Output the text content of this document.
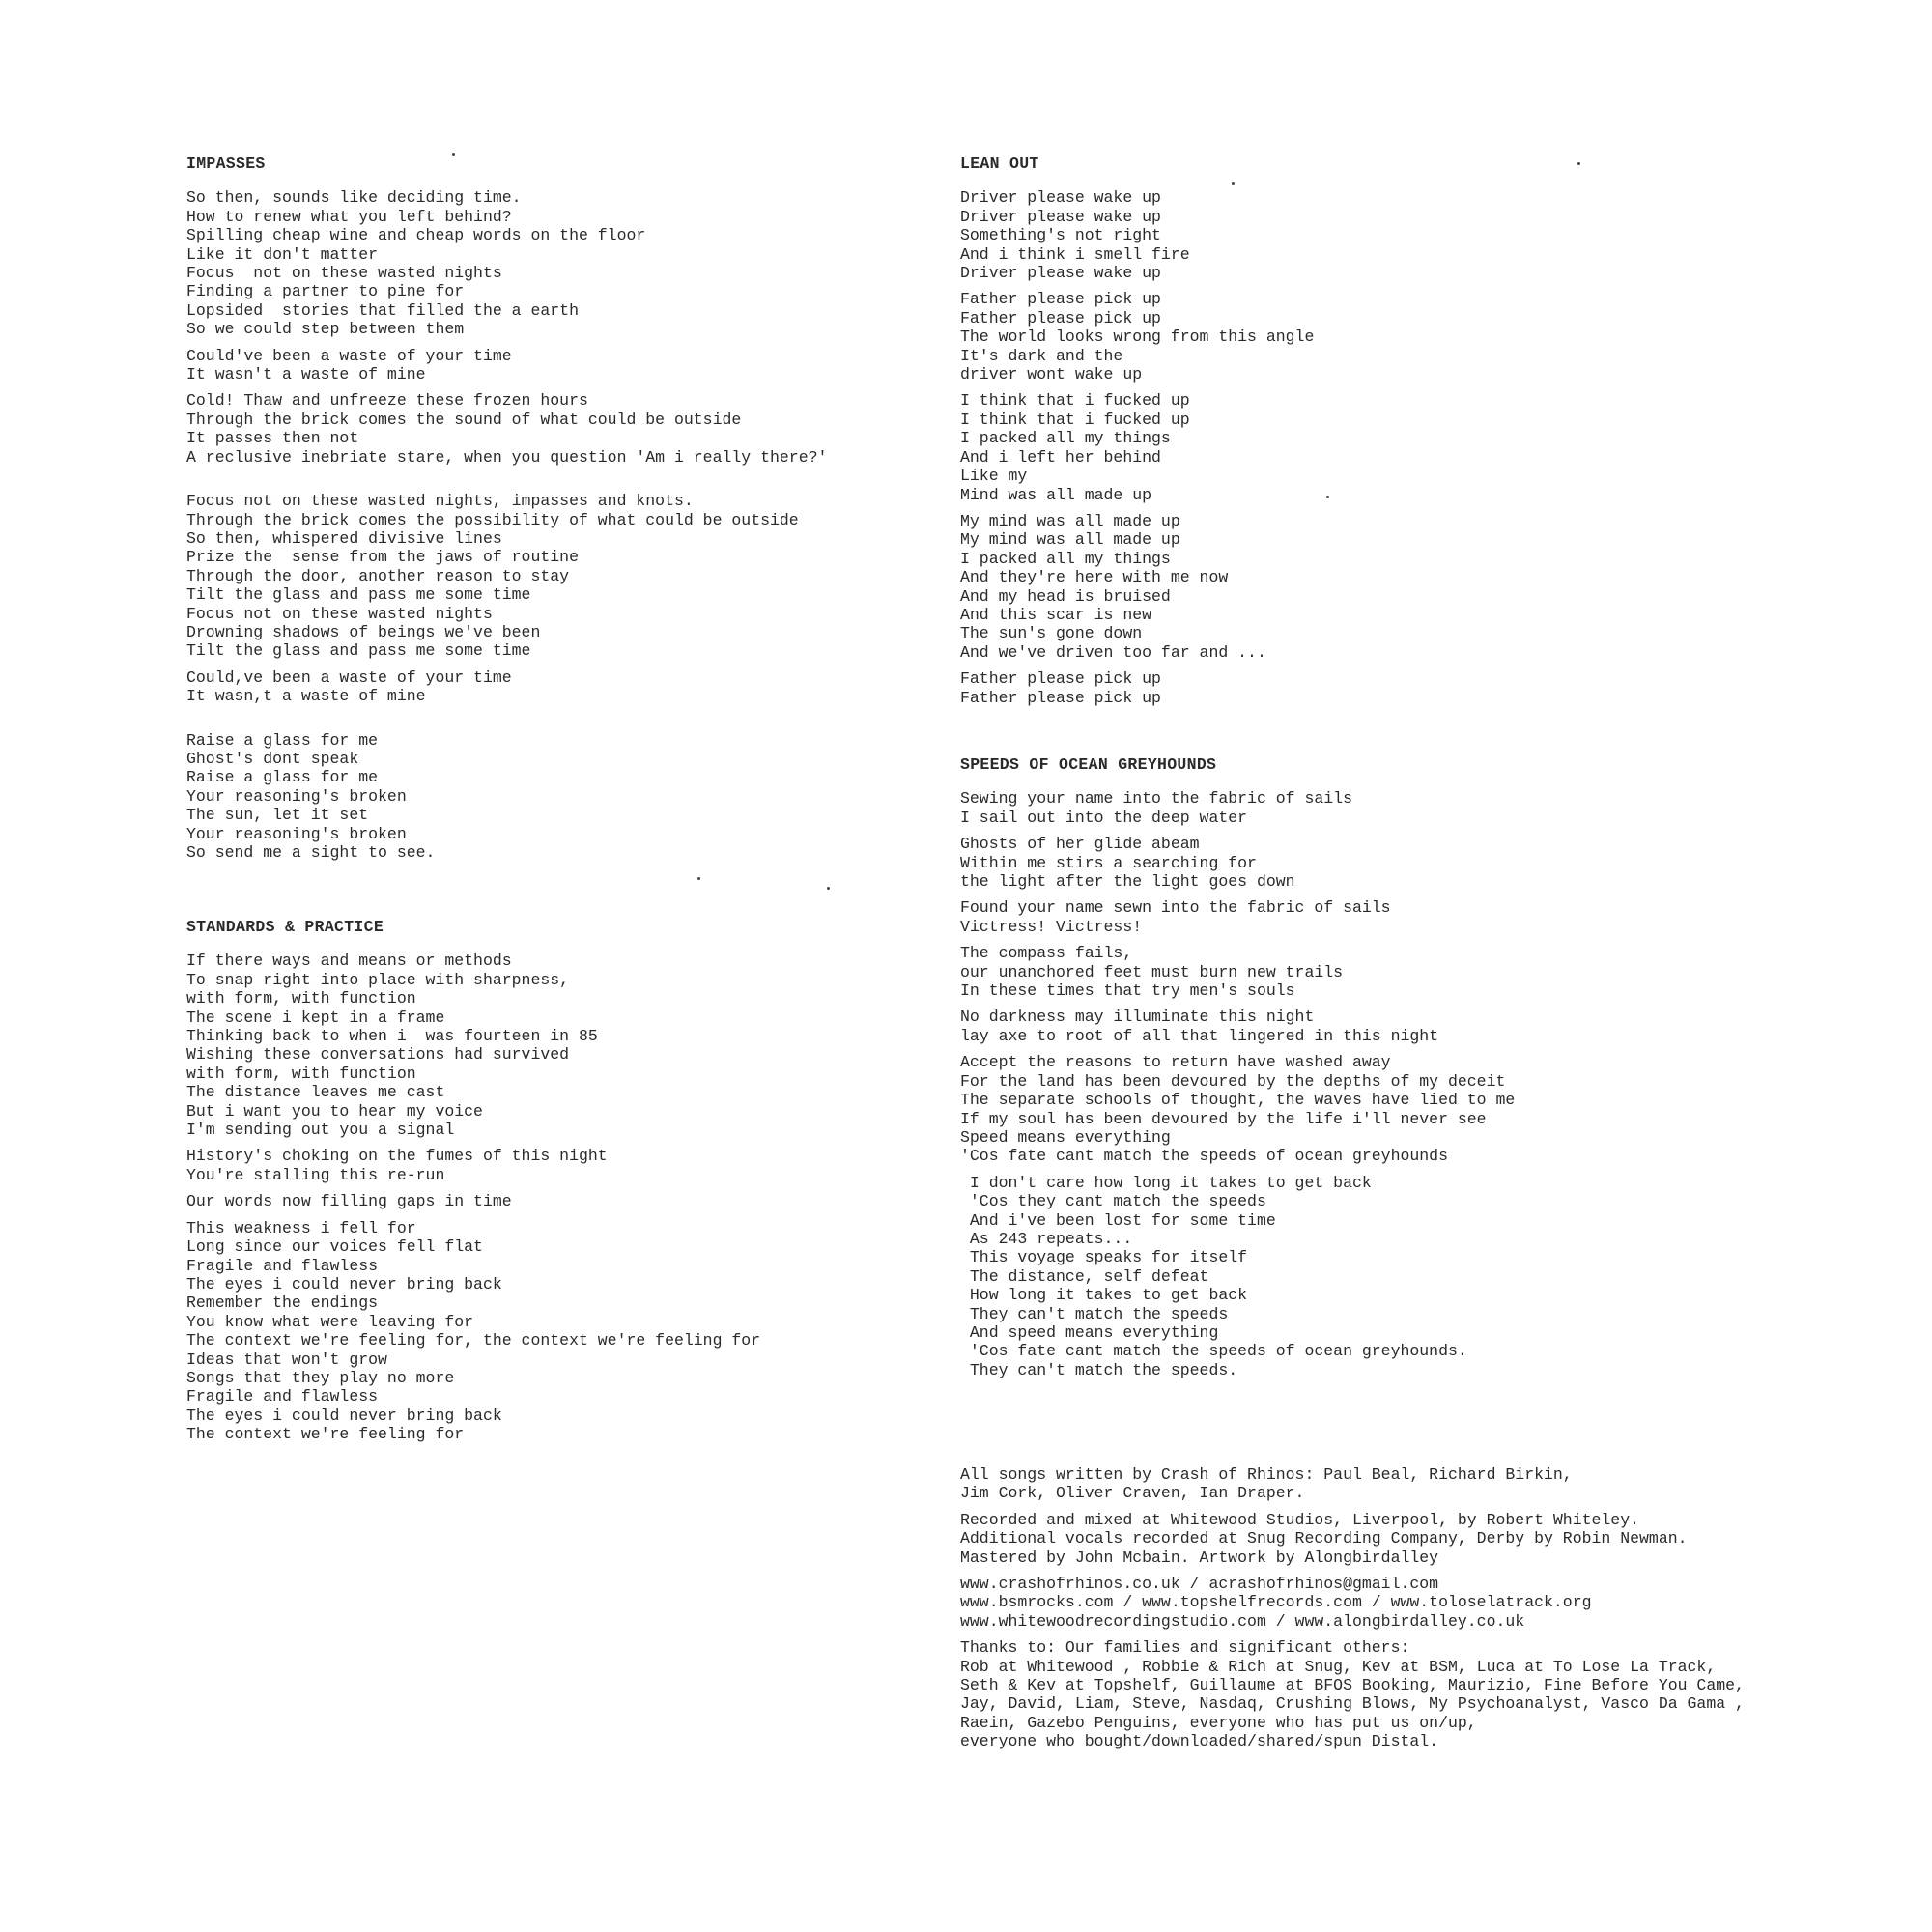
IMPASSES
So then, sounds like deciding time.
How to renew what you left behind?
Spilling cheap wine and cheap words on the floor
Like it don't matter
Focus  not on these wasted nights
Finding a partner to pine for
Lopsided  stories that filled the a earth
So we could step between them
Could've been a waste of your time
It wasn't a waste of mine
Cold! Thaw and unfreeze these frozen hours
Through the brick comes the sound of what could be outside
It passes then not
A reclusive inebriate stare, when you question 'Am i really there?'
Focus not on these wasted nights, impasses and knots.
Through the brick comes the possibility of what could be outside
So then, whispered divisive lines
Prize the  sense from the jaws of routine
Through the door, another reason to stay
Tilt the glass and pass me some time
Focus not on these wasted nights
Drowning shadows of beings we've been
Tilt the glass and pass me some time
Could,ve been a waste of your time
It wasn,t a waste of mine
Raise a glass for me
Ghost's dont speak
Raise a glass for me
Your reasoning's broken
The sun, let it set
Your reasoning's broken
So send me a sight to see.
STANDARDS & PRACTICE
If there ways and means or methods
To snap right into place with sharpness,
with form, with function
The scene i kept in a frame
Thinking back to when i  was fourteen in 85
Wishing these conversations had survived
with form, with function
The distance leaves me cast
But i want you to hear my voice
I'm sending out you a signal
History's choking on the fumes of this night
You're stalling this re-run
Our words now filling gaps in time
This weakness i fell for
Long since our voices fell flat
Fragile and flawless
The eyes i could never bring back
Remember the endings
You know what were leaving for
The context we're feeling for, the context we're feeling for
Ideas that won't grow
Songs that they play no more
Fragile and flawless
The eyes i could never bring back
The context we're feeling for
LEAN OUT
Driver please wake up
Driver please wake up
Something's not right
And i think i smell fire
Driver please wake up
Father please pick up
Father please pick up
The world looks wrong from this angle
It's dark and the
driver wont wake up
I think that i fucked up
I think that i fucked up
I packed all my things
And i left her behind
Like my
Mind was all made up
My mind was all made up
My mind was all made up
I packed all my things
And they're here with me now
And my head is bruised
And this scar is new
The sun's gone down
And we've driven too far and ...
Father please pick up
Father please pick up
SPEEDS OF OCEAN GREYHOUNDS
Sewing your name into the fabric of sails
I sail out into the deep water
Ghosts of her glide abeam
Within me stirs a searching for
the light after the light goes down
Found your name sewn into the fabric of sails
Victress! Victress!
The compass fails,
our unanchored feet must burn new trails
In these times that try men's souls
No darkness may illuminate this night
lay axe to root of all that lingered in this night
Accept the reasons to return have washed away
For the land has been devoured by the depths of my deceit
The separate schools of thought, the waves have lied to me
If my soul has been devoured by the life i'll never see
Speed means everything
'Cos fate cant match the speeds of ocean greyhounds
I don't care how long it takes to get back
'Cos they cant match the speeds
And i've been lost for some time
As 243 repeats...
This voyage speaks for itself
The distance, self defeat
How long it takes to get back
They can't match the speeds
And speed means everything
'Cos fate cant match the speeds of ocean greyhounds.
They can't match the speeds.
All songs written by Crash of Rhinos: Paul Beal, Richard Birkin,
Jim Cork, Oliver Craven, Ian Draper.
Recorded and mixed at Whitewood Studios, Liverpool, by Robert Whiteley.
Additional vocals recorded at Snug Recording Company, Derby by Robin Newman.
Mastered by John Mcbain. Artwork by Alongbirdalley
www.crashofrhinos.co.uk / acrashofrhinos@gmail.com
www.bsmrocks.com / www.topshelfrecords.com / www.toloselatrack.org
www.whitewoodrecordingstudio.com / www.alongbirdalley.co.uk
Thanks to: Our families and significant others:
Rob at Whitewood , Robbie & Rich at Snug, Kev at BSM, Luca at To Lose La Track,
Seth & Kev at Topshelf, Guillaume at BFOS Booking, Maurizio, Fine Before You Came,
Jay, David, Liam, Steve, Nasdaq, Crushing Blows, My Psychoanalyst, Vasco Da Gama ,
Raein, Gazebo Penguins, everyone who has put us on/up,
everyone who bought/downloaded/shared/spun Distal.
